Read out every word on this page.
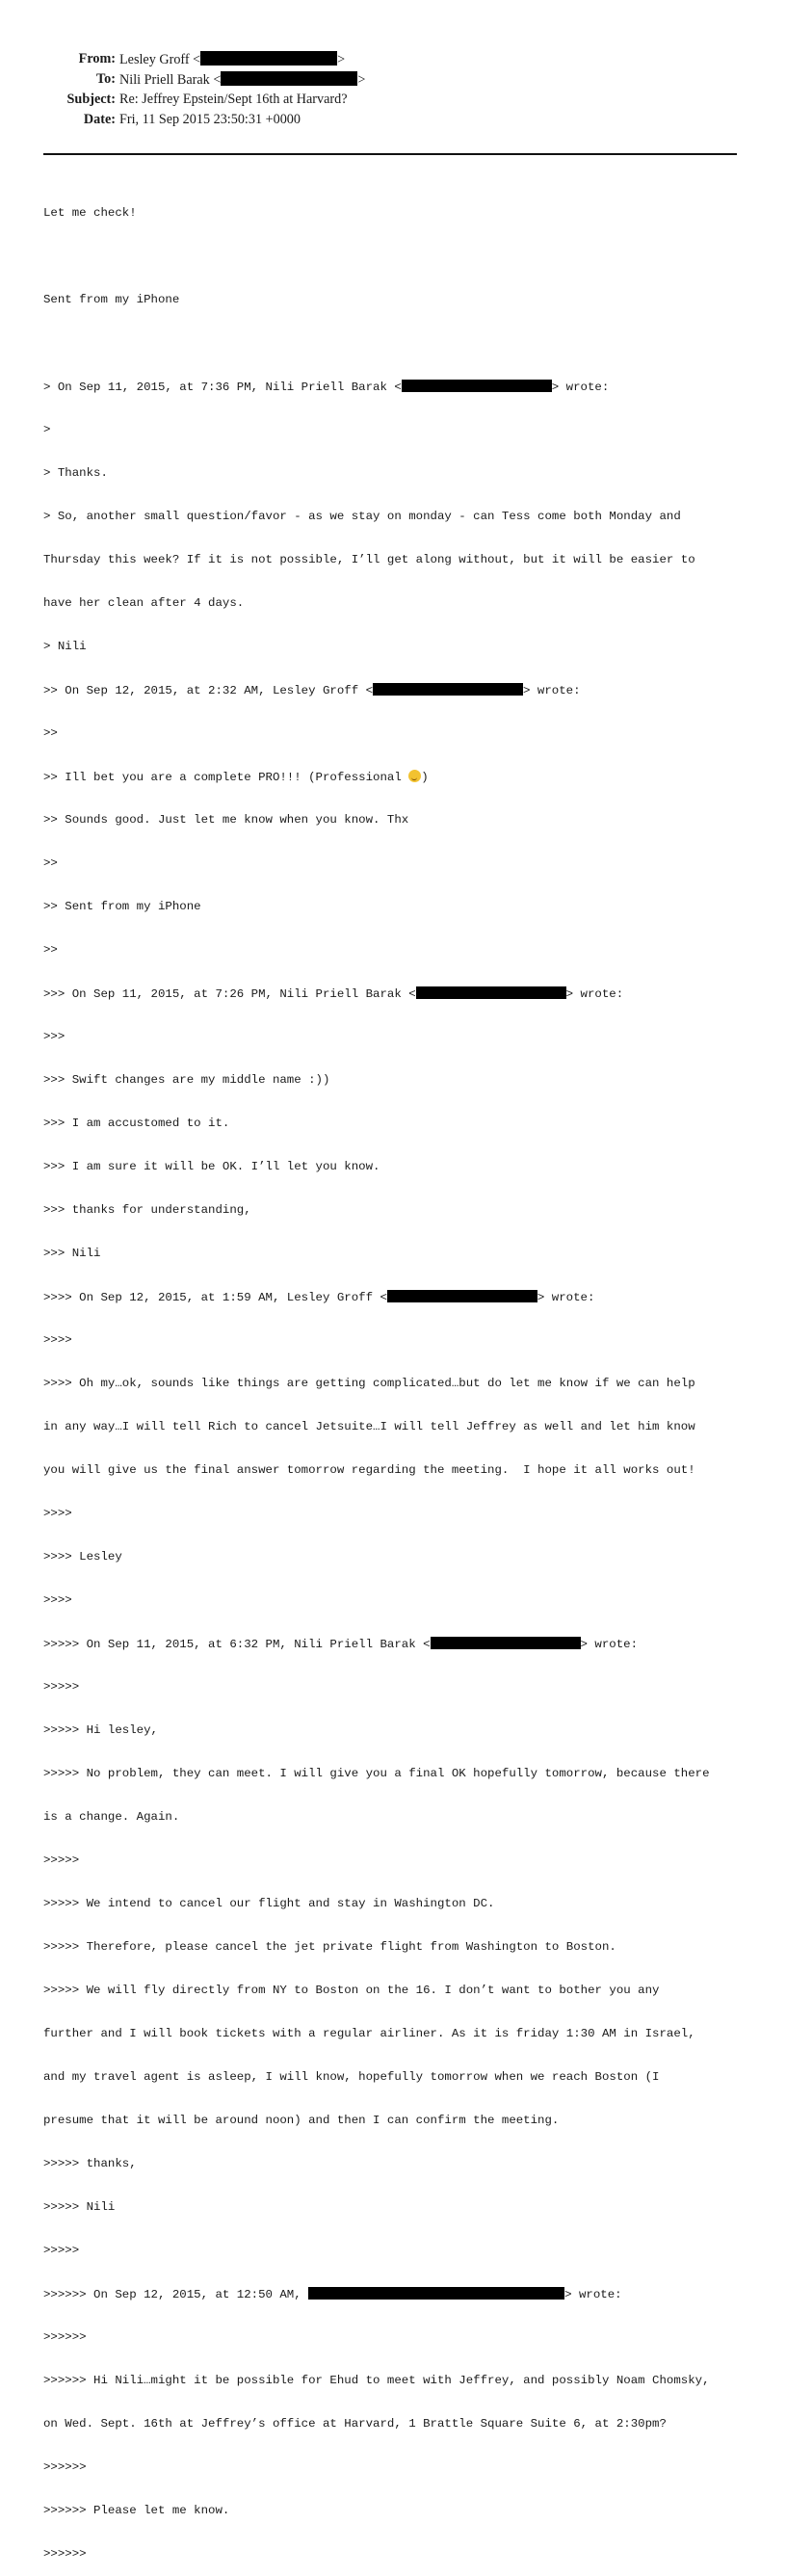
From: Lesley Groff <	>
To: Nili Priell Barak <	>
Subject: Re: Jeffrey Epstein/Sept 16th at Harvard?
Date: Fri, 11 Sep 2015 23:50:31 +0000

Let me check!

Sent from my iPhone

> On Sep 11, 2015, at 7:36 PM, Nili Priell Barak <	> wrote:

>

> Thanks.

> So, another small question/favor - as we stay on monday - can Tess come both Monday and

Thursday this week? If it is not possible, I’ll get along without, but it will be easier to

have her clean after 4 days.

> Nili

>> On Sep 12, 2015, at 2:32 AM, Lesley Groff <	> wrote:

>>

>> Ill bet you are a complete PRO!!! (Professional )

>> Sounds good. Just let me know when you know. Thx

>>

>> Sent from my iPhone

>>

>>> On Sep 11, 2015, at 7:26 PM, Nili Priell Barak <	> wrote:

>>>

>>> Swift changes are my middle name :))

>>> I am accustomed to it.

>>> I am sure it will be OK. I’ll let you know.

>>> thanks for understanding,

>>> Nili

>>>> On Sep 12, 2015, at 1:59 AM, Lesley Groff <	> wrote:

>>>>

>>>> Oh my…ok, sounds like things are getting complicated…but do let me know if we can help

in any way…I will tell Rich to cancel Jetsuite…I will tell Jeffrey as well and let him know

you will give us the final answer tomorrow regarding the meeting.  I hope it all works out!

>>>>

>>>> Lesley

>>>>

>>>>> On Sep 11, 2015, at 6:32 PM, Nili Priell Barak <	> wrote:

>>>>>

>>>>> Hi lesley,

>>>>> No problem, they can meet. I will give you a final OK hopefully tomorrow, because there

is a change. Again.

>>>>>

>>>>> We intend to cancel our flight and stay in Washington DC.

>>>>> Therefore, please cancel the jet private flight from Washington to Boston.

>>>>> We will fly directly from NY to Boston on the 16. I don’t want to bother you any

further and I will book tickets with a regular airliner. As it is friday 1:30 AM in Israel,

and my travel agent is asleep, I will know, hopefully tomorrow when we reach Boston (I

presume that it will be around noon) and then I can confirm the meeting.

>>>>> thanks,

>>>>> Nili

>>>>>

>>>>>> On Sep 12, 2015, at 12:50 AM,	> wrote:

>>>>>>

>>>>>> Hi Nili…might it be possible for Ehud to meet with Jeffrey, and possibly Noam Chomsky,

on Wed. Sept. 16th at Jeffrey’s office at Harvard, 1 Brattle Square Suite 6, at 2:30pm?

>>>>>>

>>>>>> Please let me know.

>>>>>>
